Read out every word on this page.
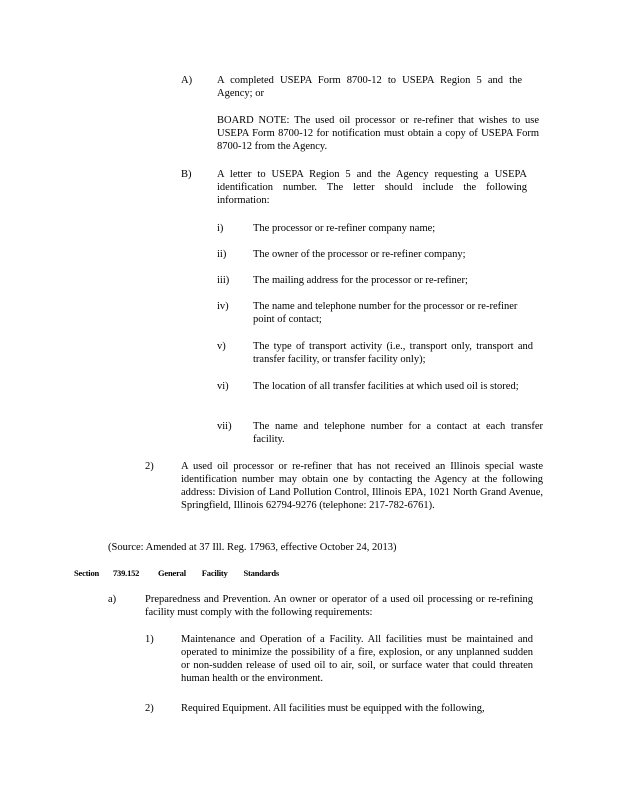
A) A completed USEPA Form 8700-12 to USEPA Region 5 and the Agency; or

BOARD NOTE: The used oil processor or re-refiner that wishes to use USEPA Form 8700-12 for notification must obtain a copy of USEPA Form 8700-12 from the Agency.

B) A letter to USEPA Region 5 and the Agency requesting a USEPA identification number. The letter should include the following information:

i)	The processor or re-refiner company name;

ii)	The owner of the processor or re-refiner company;

iii) The mailing address for the processor or re-refiner;

iv) The name and telephone number for the processor or re-refiner point of contact;

v)	The type of transport activity (i.e., transport only, transport and transfer facility, or transfer facility only);

vi) The location of all transfer facilities at which used oil is stored;

vii) The name and telephone number for a contact at each transfer facility.

2)	A used oil processor or re-refiner that has not received an Illinois special waste identification number may obtain one by contacting the Agency at the following address: Division of Land Pollution Control, Illinois EPA, 1021 North Grand Avenue, Springfield, Illinois 62794-9276 (telephone: 217-782-6761).

(Source: Amended at 37 Ill. Reg. 17963, effective October 24, 2013)

Section 739.152 General Facility Standards
a)	Preparedness and Prevention. An owner or operator of a used oil processing or re-refining facility must comply with the following requirements:

1)	Maintenance and Operation of a Facility. All facilities must be maintained and operated to minimize the possibility of a fire, explosion, or any unplanned sudden or non-sudden release of used oil to air, soil, or surface water that could threaten human health or the environment.

2)	Required Equipment. All facilities must be equipped with the following,
